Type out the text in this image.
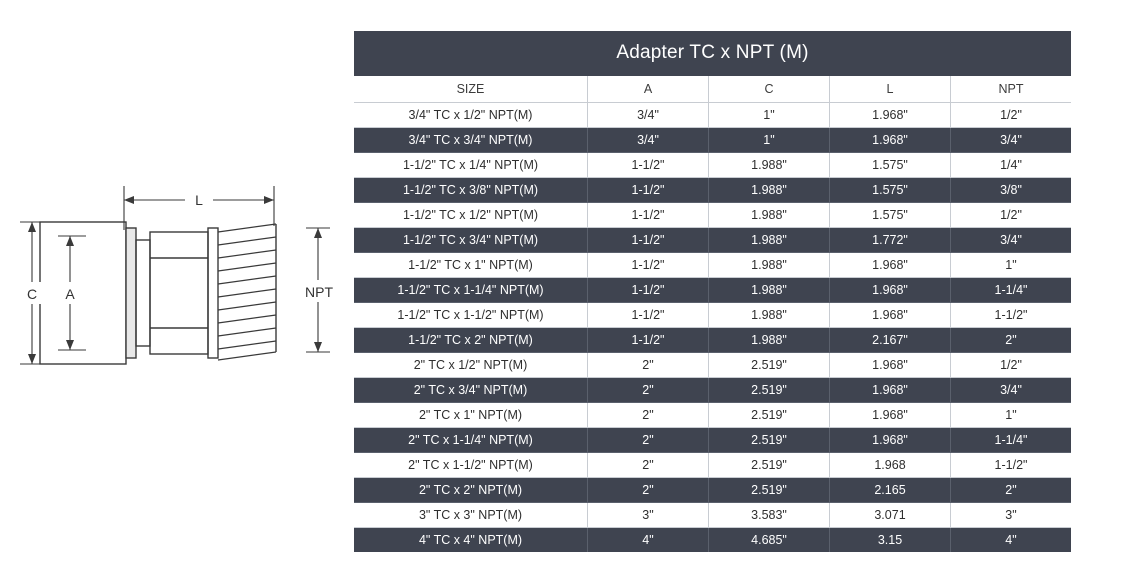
L
C A	NPT
Adapter TC x NPT (M)
SIZE	A	C	L	NPT
3/4" TC x 1/2" NPT(M)	3/4"	1"	1.968"	1/2"
3/4" TC x 3/4" NPT(M)	3/4"	1"	1.968"	3/4"
1-1/2" TC x 1/4" NPT(M)	1-1/2"	1.988"	1.575"	1/4"
1-1/2" TC x 3/8" NPT(M)	1-1/2"	1.988"	1.575"	3/8"
1-1/2" TC x 1/2" NPT(M)	1-1/2"	1.988"	1.575"	1/2"
1-1/2" TC x 3/4" NPT(M)	1-1/2"	1.988"	1.772"	3/4"
1-1/2" TC x 1" NPT(M)	1-1/2"	1.988"	1.968"	1"
1-1/2" TC x 1-1/4" NPT(M)	1-1/2"	1.988"	1.968"	1-1/4"
1-1/2" TC x 1-1/2" NPT(M)	1-1/2"	1.988"	1.968"	1-1/2"
1-1/2" TC x 2" NPT(M)	1-1/2"	1.988"	2.167"	2"
2" TC x 1/2" NPT(M)	2"	2.519"	1.968"	1/2"
2" TC x 3/4" NPT(M)	2"	2.519"	1.968"	3/4"
2" TC x 1" NPT(M)	2"	2.519"	1.968"	1"
2" TC x 1-1/4" NPT(M)	2"	2.519"	1.968"	1-1/4"
2" TC x 1-1/2" NPT(M)	2"	2.519"	1.968	1-1/2"
2" TC x 2" NPT(M)	2"	2.519"	2.165	2"
3" TC x 3" NPT(M)	3"	3.583"	3.071	3"
4" TC x 4" NPT(M)	4"	4.685"	3.15	4"
